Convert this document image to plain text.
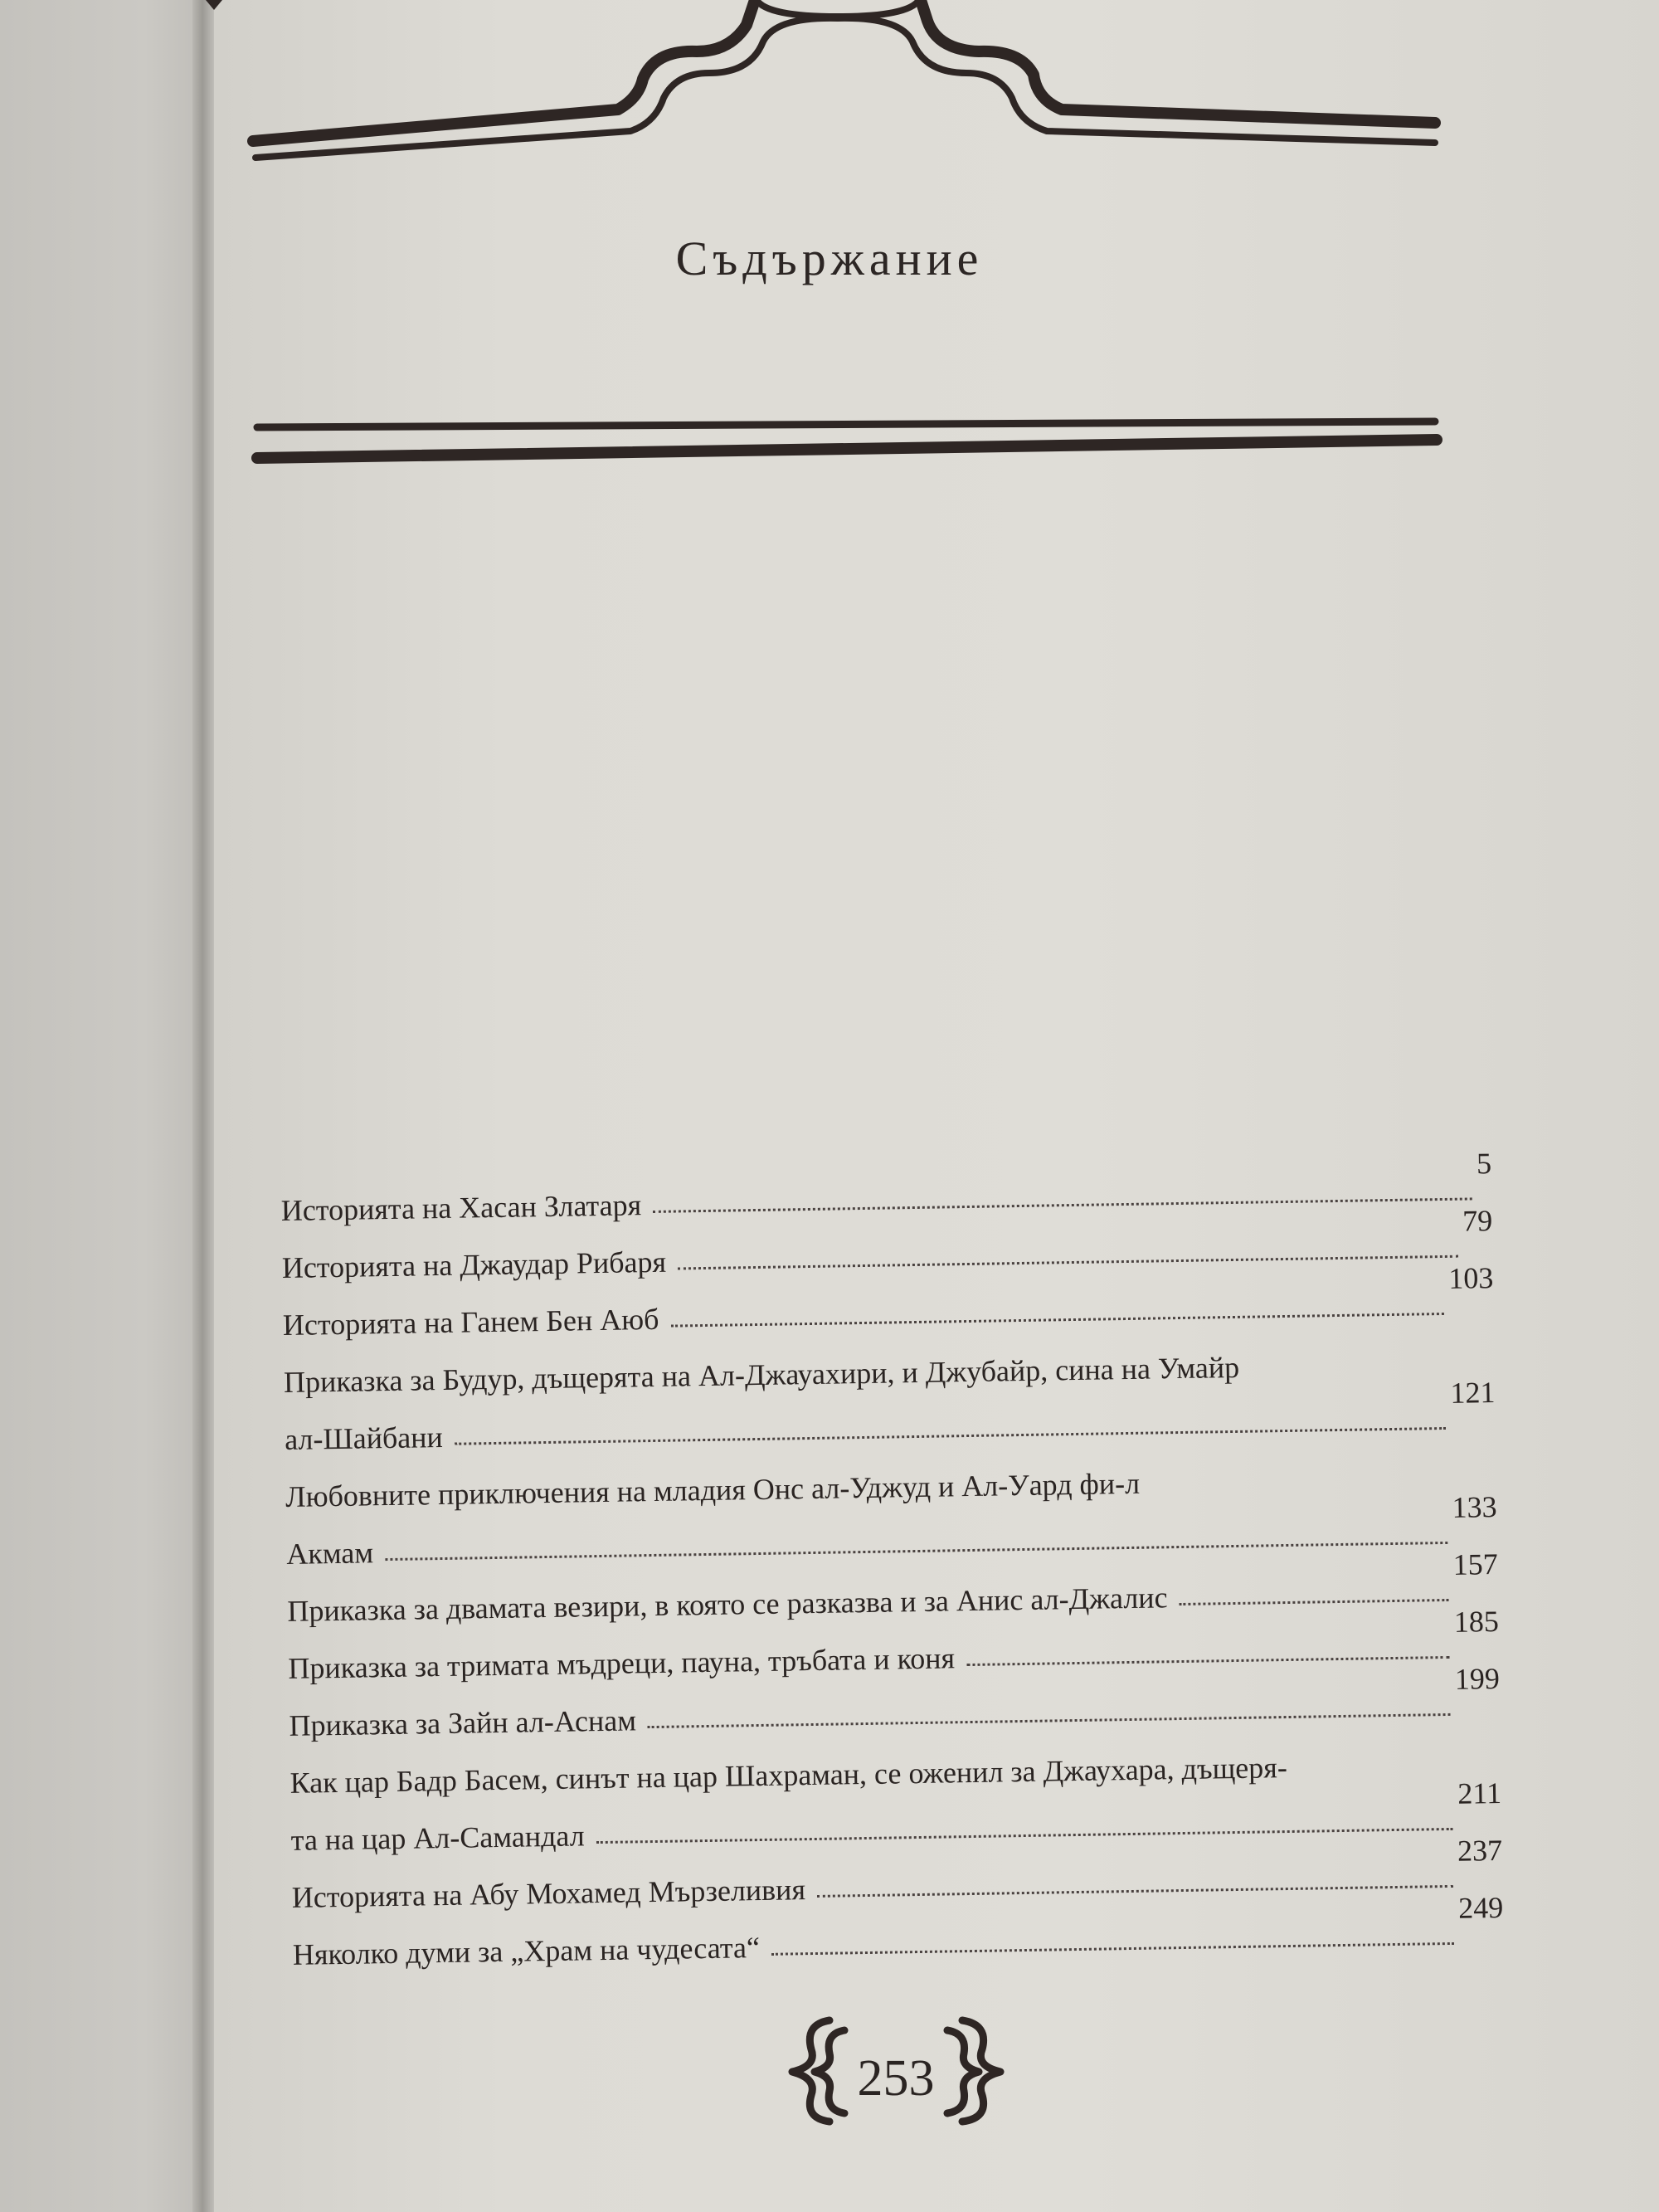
Съдържание
Историята на Хасан Златаря
5
Историята на Джаудар Рибаря
79
Историята на Ганем Бен Аюб
103
Приказка за Будур, дъщерята на Ал-Джауахири, и Джубайр, сина на Умайр
ал-Шайбани
121
Любовните приключения на младия Онс ал-Уджуд и Ал-Уард фи-л
Акмам
133
Приказка за двамата везири, в която се разказва и за Анис ал-Джалис
157
Приказка за тримата мъдреци, пауна, тръбата и коня
185
Приказка за Зайн ал-Аснам
199
Как цар Бадр Басем, синът на цар Шахраман, се оженил за Джаухара, дъщеря-
та на цар Ал-Самандал
211
Историята на Абу Мохамед Мързеливия
237
Няколко думи за „Храм на чудесата“
249
253
